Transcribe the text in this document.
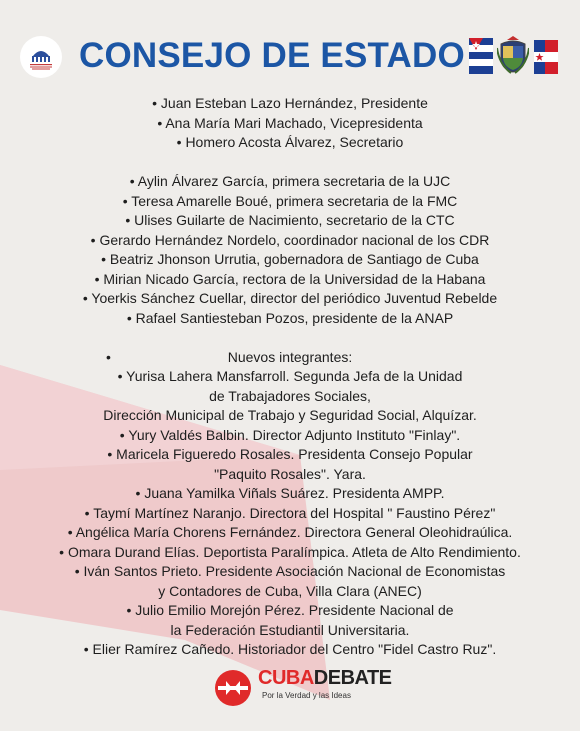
CONSEJO DE ESTADO
• Juan Esteban Lazo Hernández, Presidente
• Ana María Mari Machado, Vicepresidenta
• Homero Acosta Álvarez, Secretario
• Aylin Álvarez García, primera secretaria de la UJC
• Teresa Amarelle Boué, primera secretaria de la FMC
• Ulises Guilarte de Nacimiento, secretario de la CTC
• Gerardo Hernández Nordelo, coordinador nacional de los CDR
• Beatriz Jhonson Urrutia, gobernadora de Santiago de Cuba
• Mirian Nicado García, rectora de la Universidad de la Habana
• Yoerkis Sánchez Cuellar, director del periódico Juventud Rebelde
• Rafael Santiesteban Pozos, presidente de la ANAP
•	Nuevos integrantes:
• Yurisa Lahera Mansfarroll. Segunda Jefa de la Unidad
de Trabajadores Sociales,
Dirección Municipal de Trabajo y Seguridad Social, Alquízar.
• Yury Valdés Balbin. Director Adjunto Instituto "Finlay".
• Maricela Figueredo Rosales. Presidenta Consejo Popular
"Paquito Rosales". Yara.
• Juana Yamilka Viñals Suárez. Presidenta AMPP.
• Taymí Martínez Naranjo. Directora del Hospital " Faustino Pérez"
• Angélica María Chorens Fernández. Directora General Oleohidraúlica.
• Omara Durand Elías. Deportista Paralímpica. Atleta de Alto Rendimiento.
• Iván Santos Prieto. Presidente Asociación Nacional de Economistas
y Contadores de Cuba, Villa Clara (ANEC)
• Julio Emilio Morejón Pérez. Presidente Nacional de
la Federación Estudiantil Universitaria.
• Elier Ramírez Cañedo. Historiador del Centro "Fidel Castro Ruz".
CUBADEBATE
Por la Verdad y las Ideas
